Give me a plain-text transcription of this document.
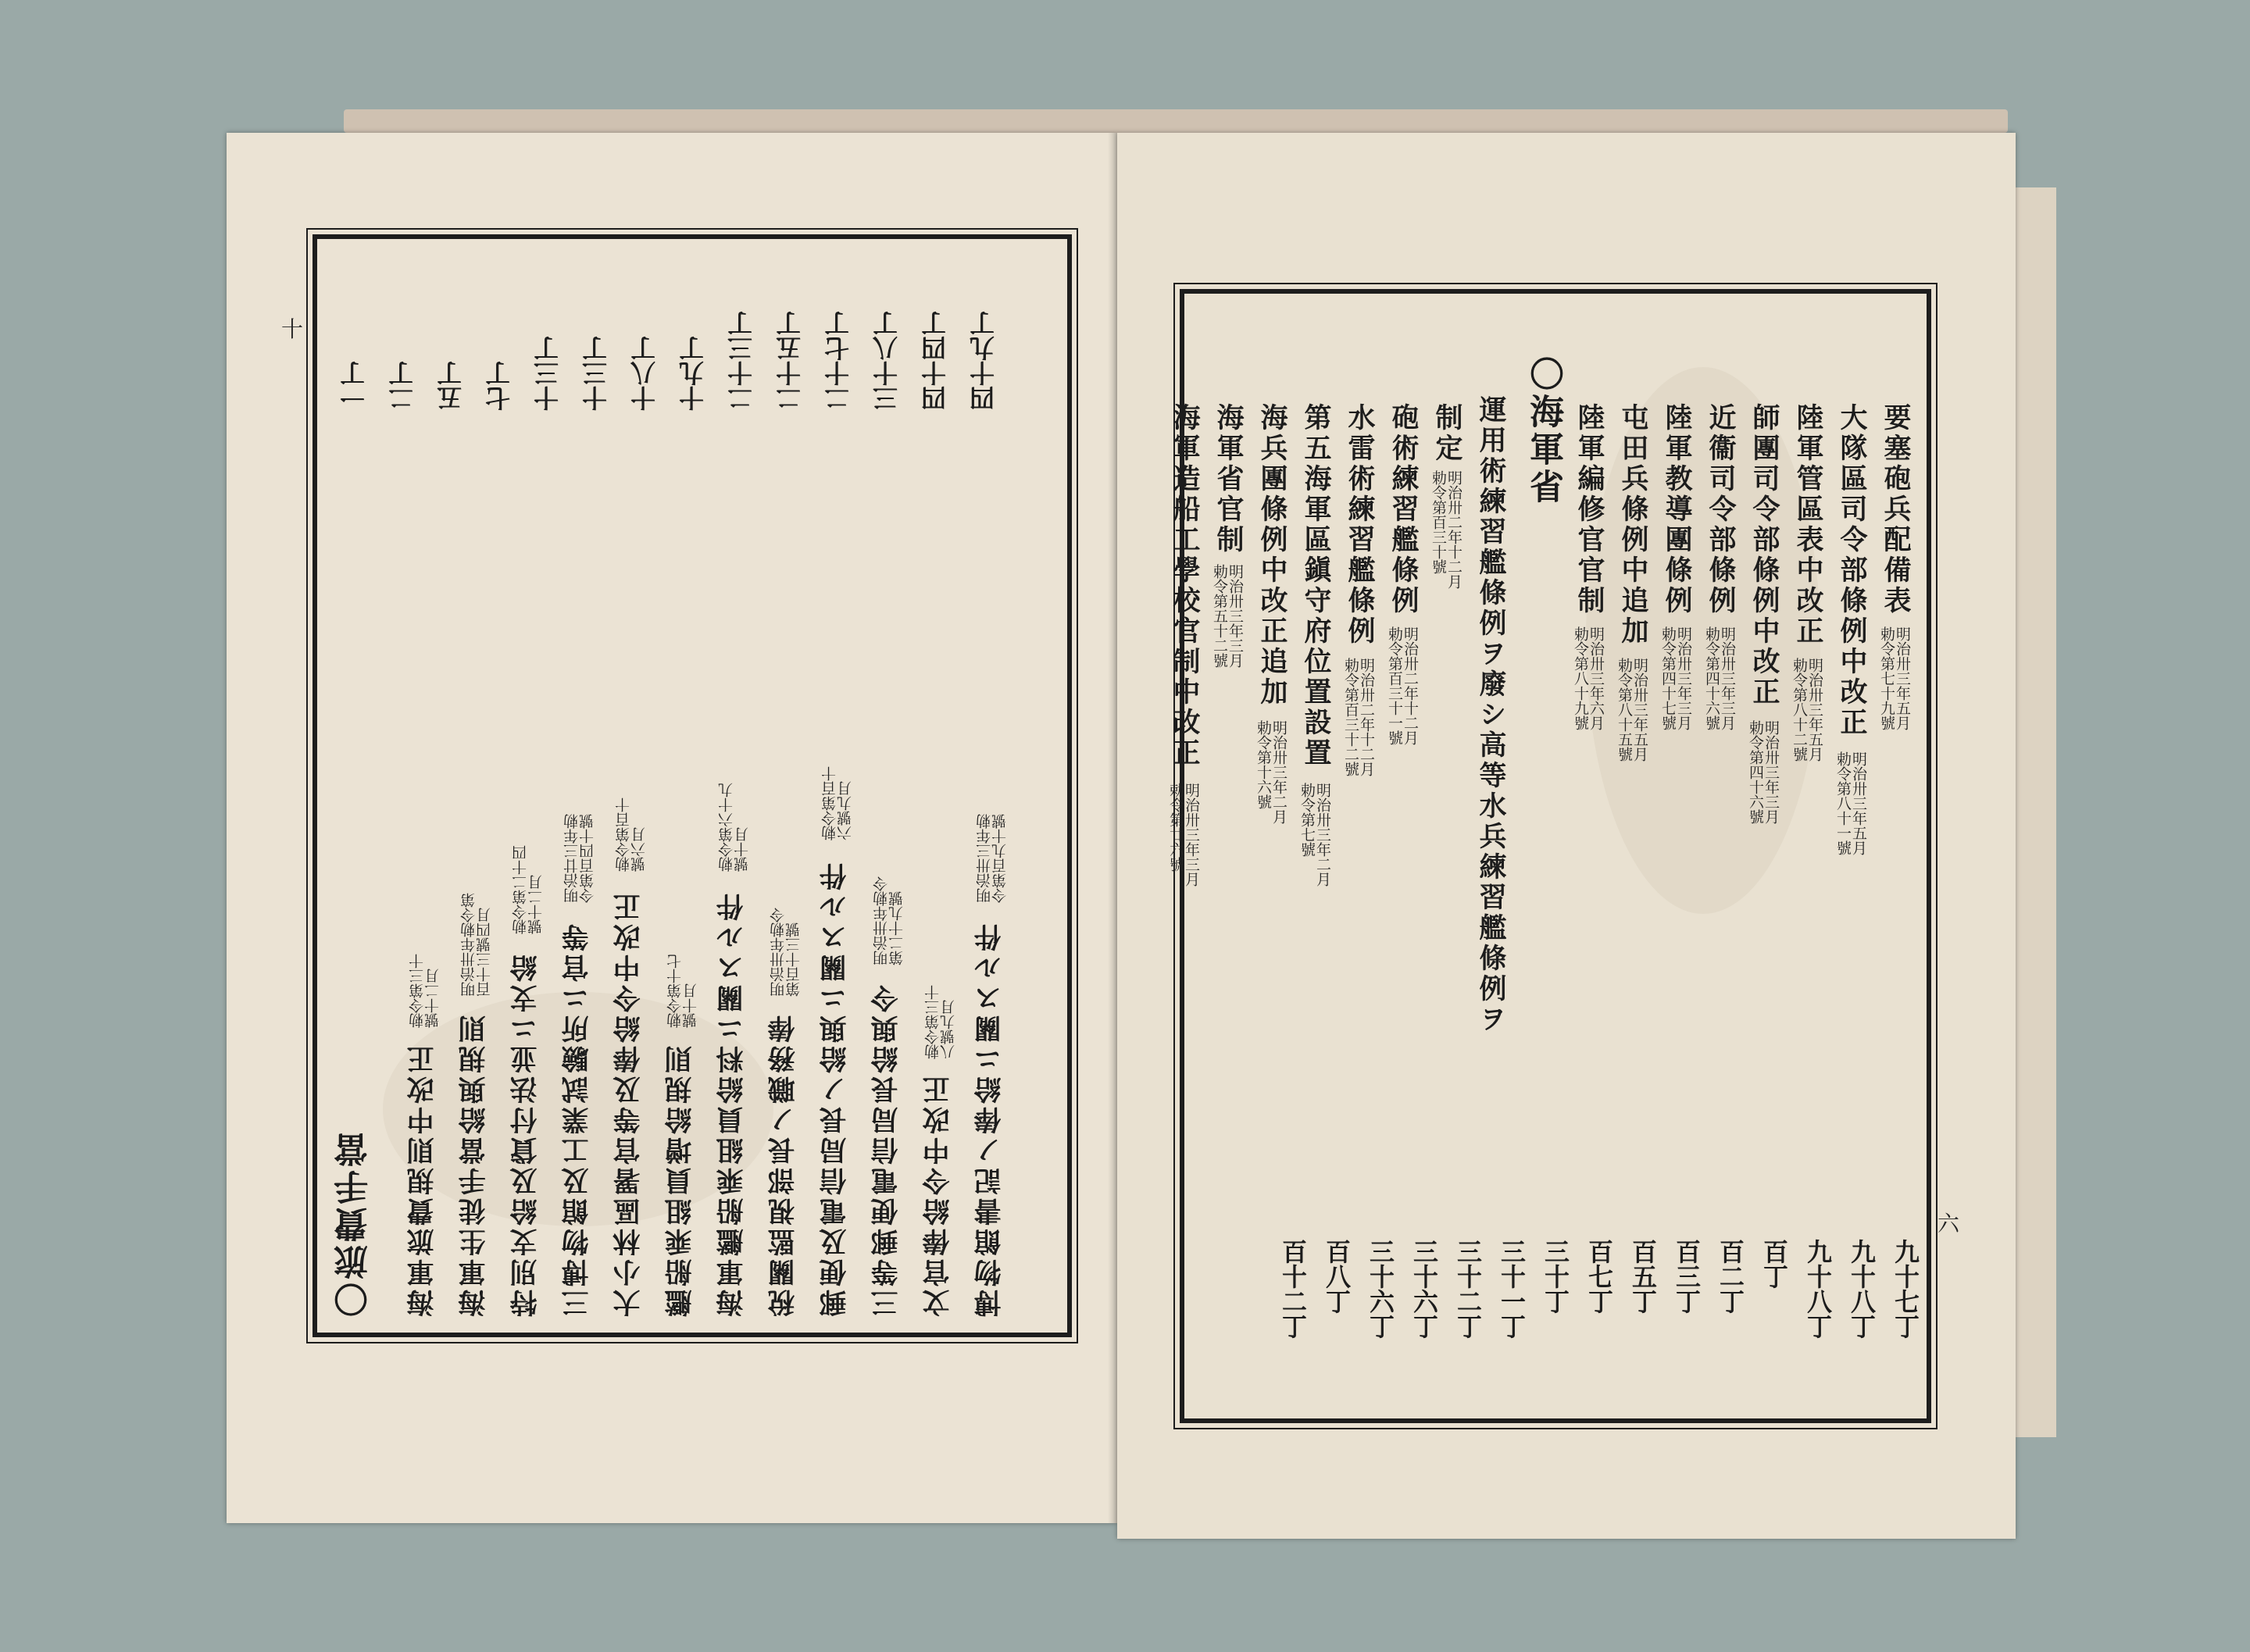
一丁 二丁 五丁 七丁 十三丁 十三丁 十八丁 十九丁 二十三丁 二十五丁 二十七丁 三十八丁 四十四丁 四十九丁
〇旅費手當 海軍旅費規則中改正
勅令第三十
號十二月
海軍生徒手當給與規則
明治卅年勅令第
百十三號四月 特別支給及貸付法並ニ支給
勅令第二十四
號十二月
三博物館及工業試驗所ニ官等
明治廿三年勅
令第百四十號
大小林區署官等及俸給令中改正
勅令第百十
號六月
艦船乘組員增給規則
勅令第十七
號十月 海軍艦船乘組員給料ニ關スル件
勅令第六十九
號十月
稅關監視部長ノ職務俸
明治卅年勅令
第百十三號 郵便及電信局長ノ給與ニ關スル件
勅令第百十
六號九月
三等郵便電信局長給與令
明治卅年勅令
第二十九號
文官俸給令中改正
勅令第三十
八號九月 博物館書記ノ俸給ニ關スル件
明治卅三年勅
令第百九十號
十
要塞砲兵配備表
明治卅三年五月
勅令第七十九號
大隊區司令部條例中改正
明治卅三年五月
勅令第八十一號
陸軍管區表中改正
明治卅三年五月
勅令第八十二號
師團司令部條例中改正
明治卅三年三月
勅令第四十六號
近衞司令部條例
明治卅三年三月
勅令第四十六號
陸軍教導團條例
明治卅三年三月
勅令第四十七號
屯田兵條例中追加
明治卅三年五月
勅令第八十五號
陸軍編修官官制
明治卅三年六月
勅令第八十九號
〇海軍省
運用術練習艦條例ヲ廢シ高等水兵練習艦條例ヲ
制定
明治卅二年十二月
勅令第百三十號
砲術練習艦條例
明治卅二年十二月
勅令第百三十一號
水雷術練習艦條例
明治卅二年十二月
勅令第百三十二號
第五海軍區鎭守府位置設置
明治卅三年二月
勅令第七號
海兵團條例中改正追加
明治卅三年二月
勅令第十六號
海軍省官制
明治卅三年三月
勅令第五十二號
海軍造船工學校官制中改正
明治卅三年三月
勅令第廿六號
九十七丁
九十八丁
九十八丁
百丁
百二丁
百三丁
百五丁
百七丁
三十丁
三十一丁
三十二丁
三十六丁
三十六丁
百八丁
百十二丁
六
